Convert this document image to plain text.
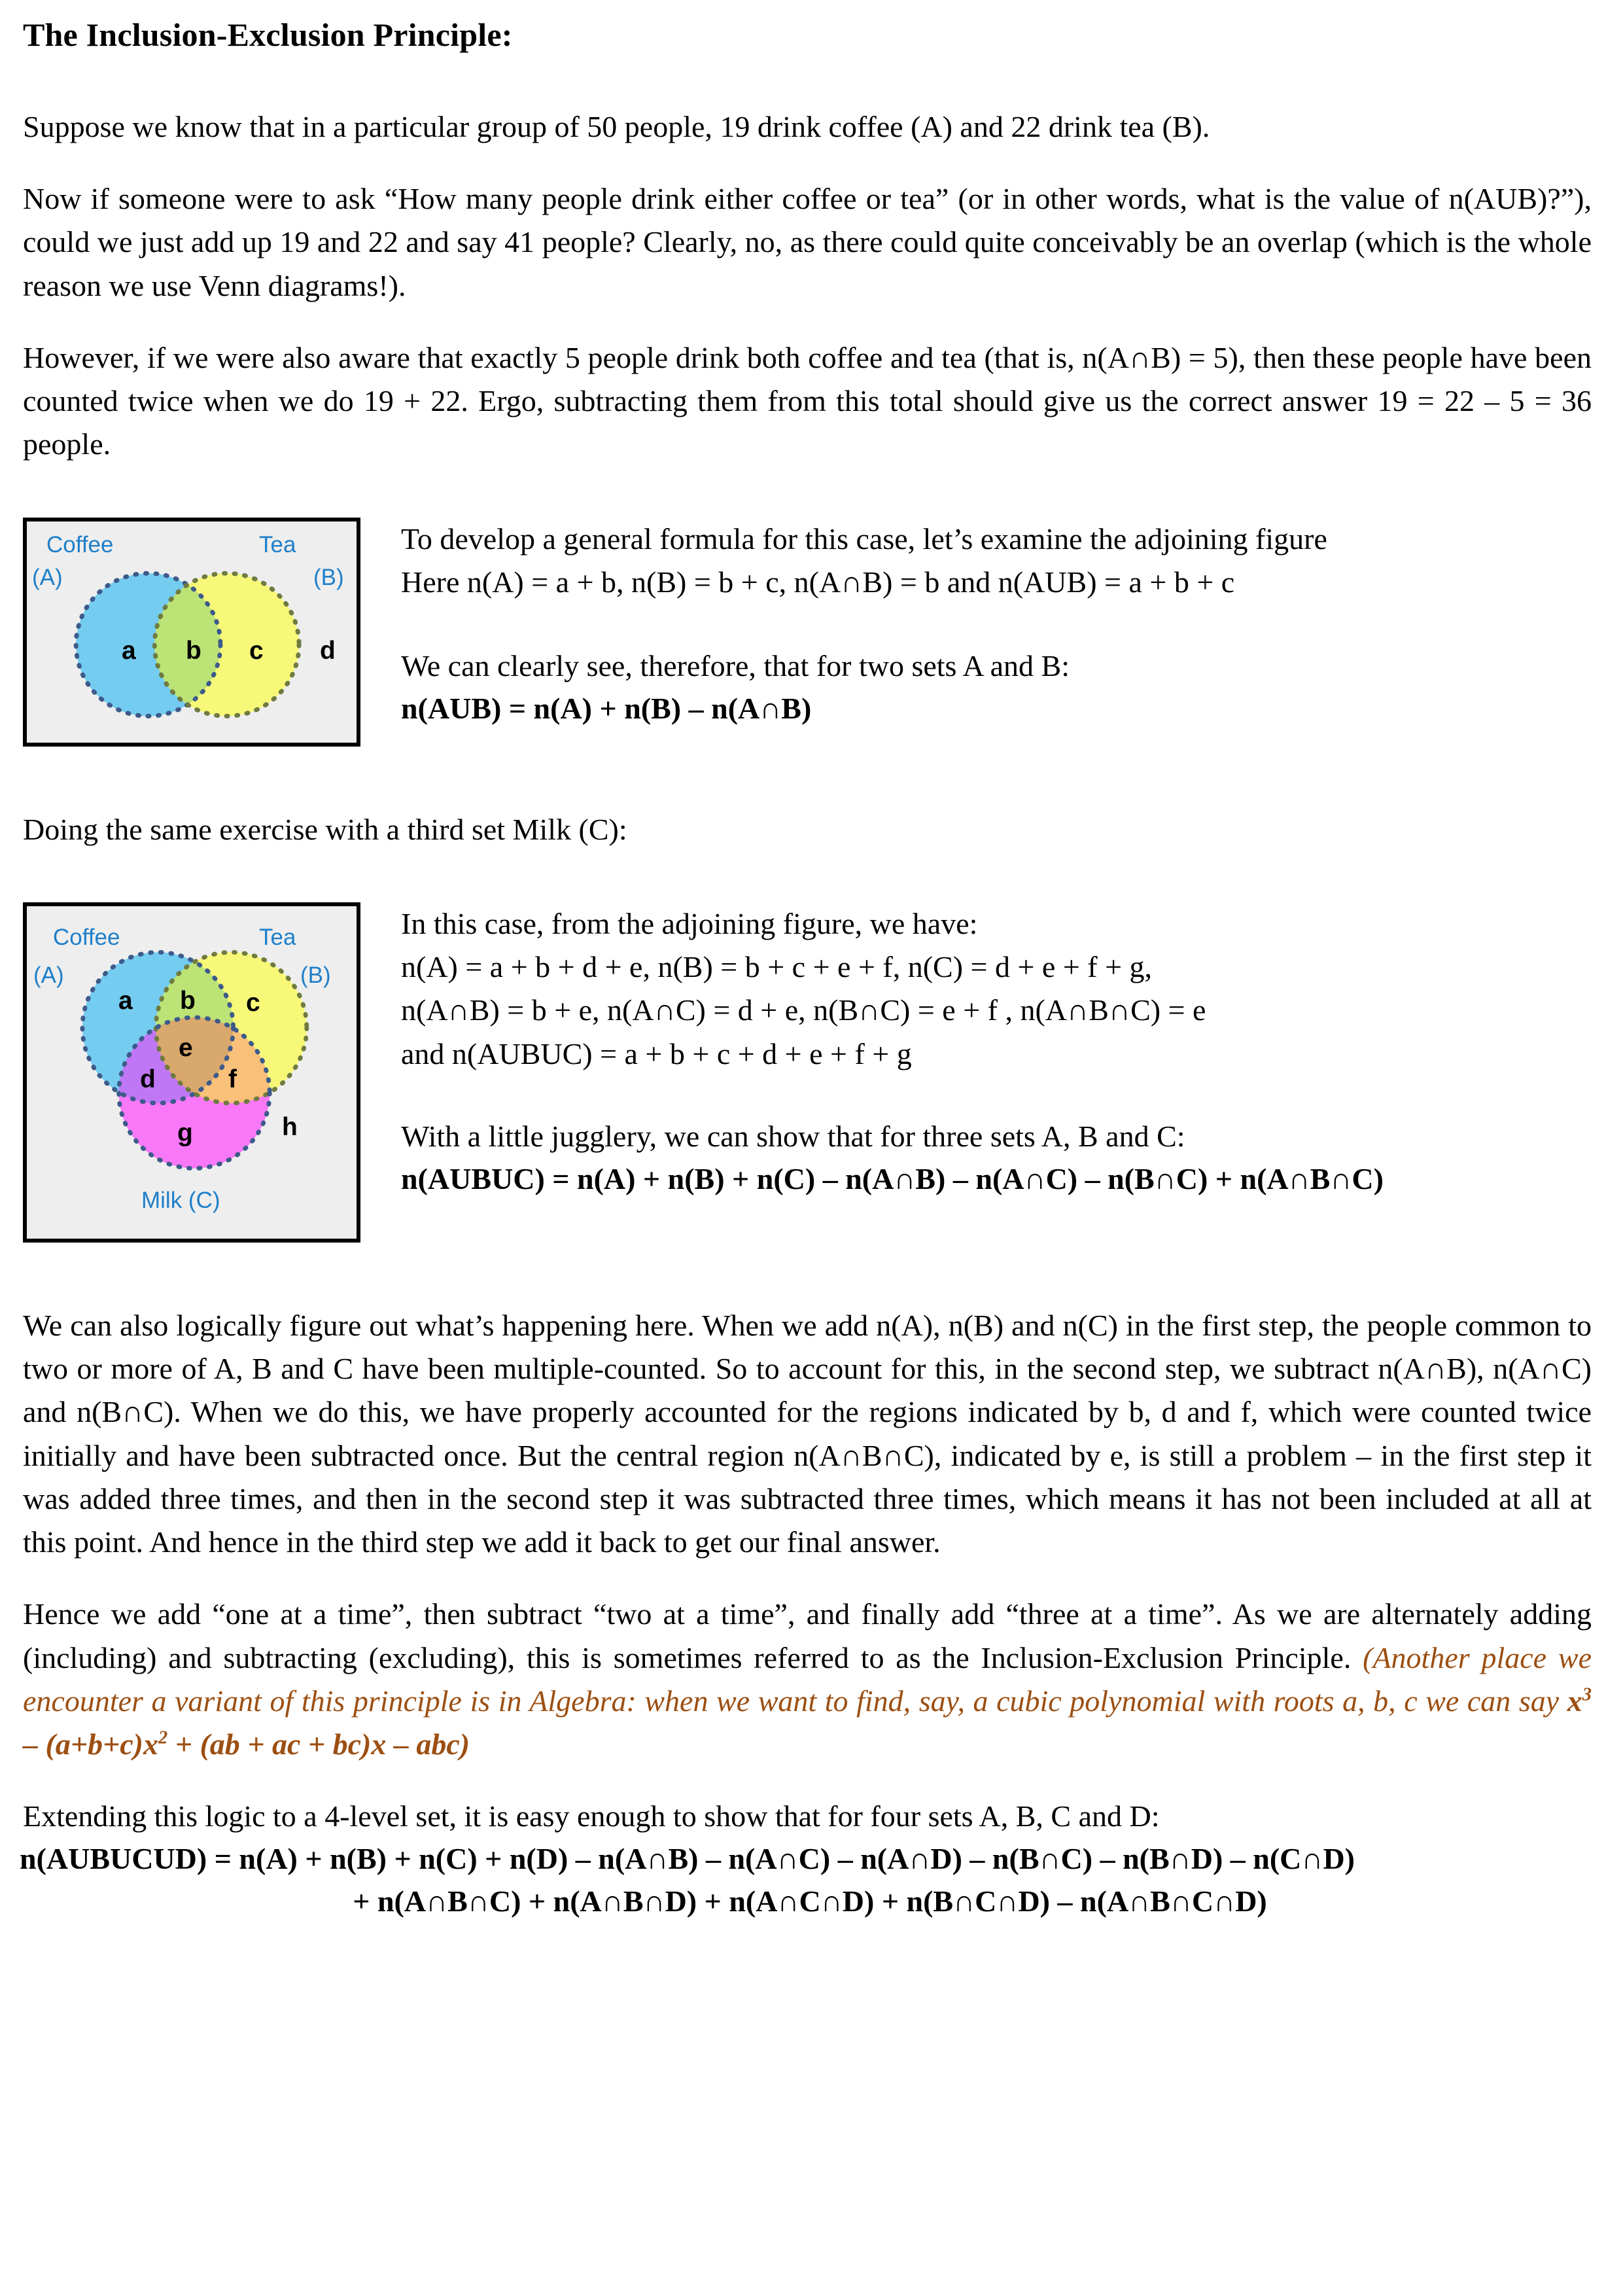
The Inclusion-Exclusion Principle:

Suppose we know that in a particular group of 50 people, 19 drink coffee (A) and 22 drink tea (B).

Now if someone were to ask “How many people drink either coffee or tea” (or in other words, what is the value of n(AUB)?”), could we just add up 19 and 22 and say 41 people? Clearly, no, as there could quite conceivably be an overlap (which is the whole reason we use Venn diagrams!).

However, if we were also aware that exactly 5 people drink both coffee and tea (that is, n(A∩B) = 5), then these people have been counted twice when we do 19 + 22. Ergo, subtracting them from this total should give us the correct answer 19 = 22 – 5 = 36 people.

Coffee
(A)
Tea
(B)
a b c d
To develop a general formula for this case, let’s examine the adjoining figure
Here n(A) = a + b, n(B) = b + c, n(A∩B) = b and n(AUB) = a + b + c
We can clearly see, therefore, that for two sets A and B:
n(AUB) = n(A) + n(B) – n(A∩B)

Doing the same exercise with a third set Milk (C):

Coffee
(A)
Tea
(B)
Milk (C)
a b c
d
e
f
g	h
In this case, from the adjoining figure, we have:
n(A) = a + b + d + e, n(B) = b + c + e + f, n(C) = d + e + f + g,
n(A∩B) = b + e, n(A∩C) = d + e, n(B∩C) = e + f , n(A∩B∩C) = e
and n(AUBUC) = a + b + c + d + e + f + g
With a little jugglery, we can show that for three sets A, B and C:
n(AUBUC) = n(A) + n(B) + n(C) – n(A∩B) – n(A∩C) – n(B∩C) + n(A∩B∩C)

We can also logically figure out what’s happening here. When we add n(A), n(B) and n(C) in the first step, the people common to two or more of A, B and C have been multiple-counted. So to account for this, in the second step, we subtract n(A∩B), n(A∩C) and n(B∩C). When we do this, we have properly accounted for the regions indicated by b, d and f, which were counted twice initially and have been subtracted once. But the central region n(A∩B∩C), indicated by e, is still a problem – in the first step it was added three times, and then in the second step it was subtracted three times, which means it has not been included at all at this point. And hence in the third step we add it back to get our final answer.

Hence we add “one at a time”, then subtract “two at a time”, and finally add “three at a time”. As we are alternately adding (including) and subtracting (excluding), this is sometimes referred to as the Inclusion-Exclusion Principle. (Another place we encounter a variant of this principle is in Algebra: when we want to find, say, a cubic polynomial with roots a, b, c we can say $x^3 - (a+b+c)x^2 + (ab$ + ac + bc)x – abc)

Extending this logic to a 4-level set, it is easy enough to show that for four sets A, B, C and D:

n(AUBUCUD) = n(A) + n(B) + n(C) + n(D) – n(A∩B) – n(A∩C) – n(A∩D) – n(B∩C) – n(B∩D) – n(C∩D)
+ n(A∩B∩C) + n(A∩B∩D) + n(A∩C∩D) + n(B∩C∩D) – n(A∩B∩C∩D)
